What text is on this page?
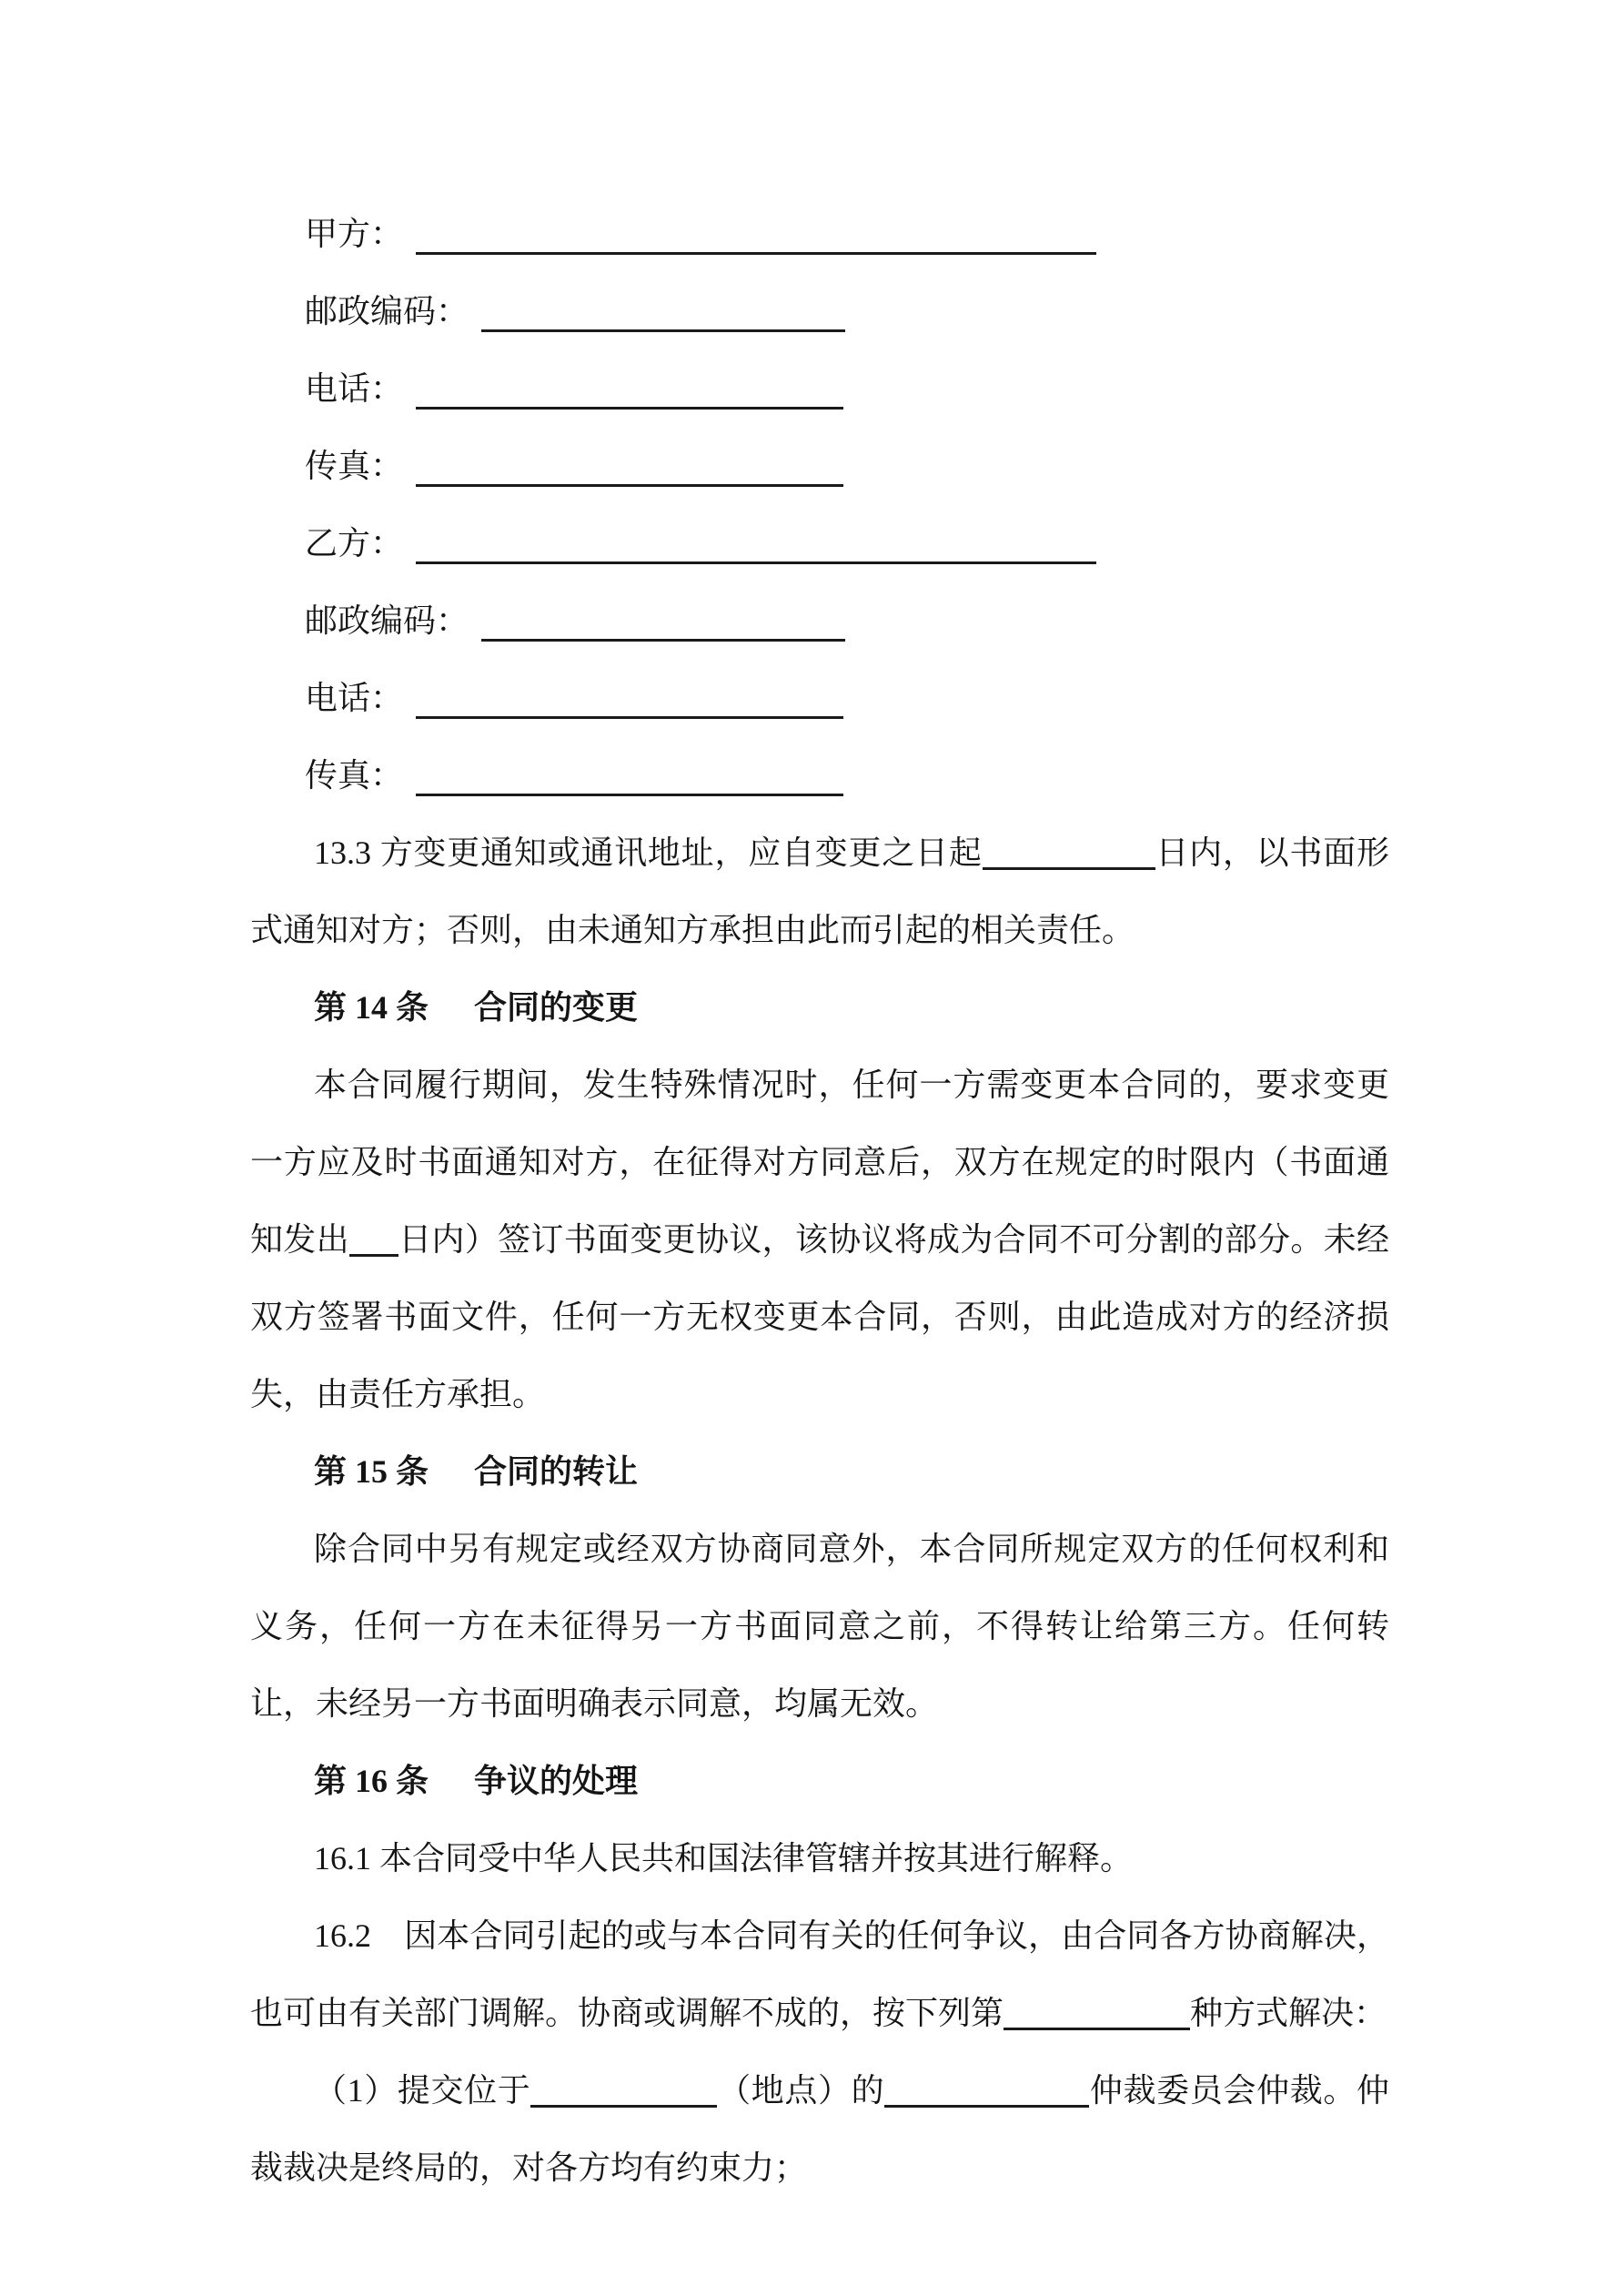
甲方：

邮政编码：

电话：

传真：

乙方：

邮政编码：

电话：

传真：

13.3 方变更通知或通讯地址，应自变更之日起	日内，以书面形式通知对方；否则，由未通知方承担由此而引起的相关责任。

第 14 条 合同的变更

本合同履行期间，发生特殊情况时，任何一方需变更本合同的，要求变更一方应及时书面通知对方，在征得对方同意后，双方在规定的时限内（书面通知发出 日内）签订书面变更协议，该协议将成为合同不可分割的部分。未经双方签署书面文件，任何一方无权变更本合同，否则，由此造成对方的经济损失，由责任方承担。

第 15 条 合同的转让

除合同中另有规定或经双方协商同意外，本合同所规定双方的任何权利和义务，任何一方在未征得另一方书面同意之前，不得转让给第三方。任何转让，未经另一方书面明确表示同意，均属无效。

第 16 条 争议的处理

16.1 本合同受中华人民共和国法律管辖并按其进行解释。

16.2　因本合同引起的或与本合同有关的任何争议，由合同各方协商解决，也可由有关部门调解。协商或调解不成的，按下列第	种方式解决：

（1）提交位于	（地点）的	仲裁委员会仲裁。仲裁裁决是终局的，对各方均有约束力；
